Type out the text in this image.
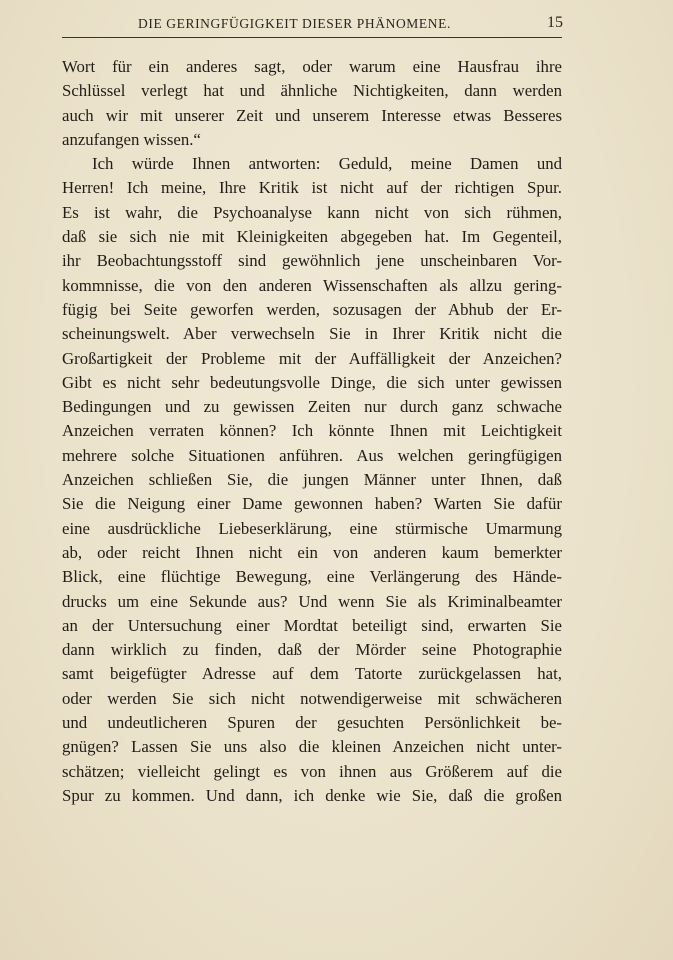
DIE GERINGFÜGIGKEIT DIESER PHÄNOMENE.	15
Wort für ein anderes sagt, oder warum eine Hausfrau ihre
Schlüssel verlegt hat und ähnliche Nichtigkeiten, dann werden
auch wir mit unserer Zeit und unserem Interesse etwas Besseres
anzufangen wissen.“
Ich würde Ihnen antworten: Geduld, meine Damen und
Herren! Ich meine, Ihre Kritik ist nicht auf der richtigen Spur.
Es ist wahr, die Psychoanalyse kann nicht von sich rühmen,
daß sie sich nie mit Kleinigkeiten abgegeben hat. Im Gegenteil,
ihr Beobachtungsstoff sind gewöhnlich jene unscheinbaren Vor-
kommnisse, die von den anderen Wissenschaften als allzu gering-
fügig bei Seite geworfen werden, sozusagen der Abhub der Er-
scheinungswelt. Aber verwechseln Sie in Ihrer Kritik nicht die
Großartigkeit der Probleme mit der Auffälligkeit der Anzeichen?
Gibt es nicht sehr bedeutungsvolle Dinge, die sich unter gewissen
Bedingungen und zu gewissen Zeiten nur durch ganz schwache
Anzeichen verraten können? Ich könnte Ihnen mit Leichtigkeit
mehrere solche Situationen anführen. Aus welchen geringfügigen
Anzeichen schließen Sie, die jungen Männer unter Ihnen, daß
Sie die Neigung einer Dame gewonnen haben? Warten Sie dafür
eine ausdrückliche Liebeserklärung, eine stürmische Umarmung
ab, oder reicht Ihnen nicht ein von anderen kaum bemerkter
Blick, eine flüchtige Bewegung, eine Verlängerung des Hände-
drucks um eine Sekunde aus? Und wenn Sie als Kriminalbeamter
an der Untersuchung einer Mordtat beteiligt sind, erwarten Sie
dann wirklich zu finden, daß der Mörder seine Photographie
samt beigefügter Adresse auf dem Tatorte zurückgelassen hat,
oder werden Sie sich nicht notwendigerweise mit schwächeren
und undeutlicheren Spuren der gesuchten Persönlichkeit be-
gnügen? Lassen Sie uns also die kleinen Anzeichen nicht unter-
schätzen; vielleicht gelingt es von ihnen aus Größerem auf die
Spur zu kommen. Und dann, ich denke wie Sie, daß die großen
